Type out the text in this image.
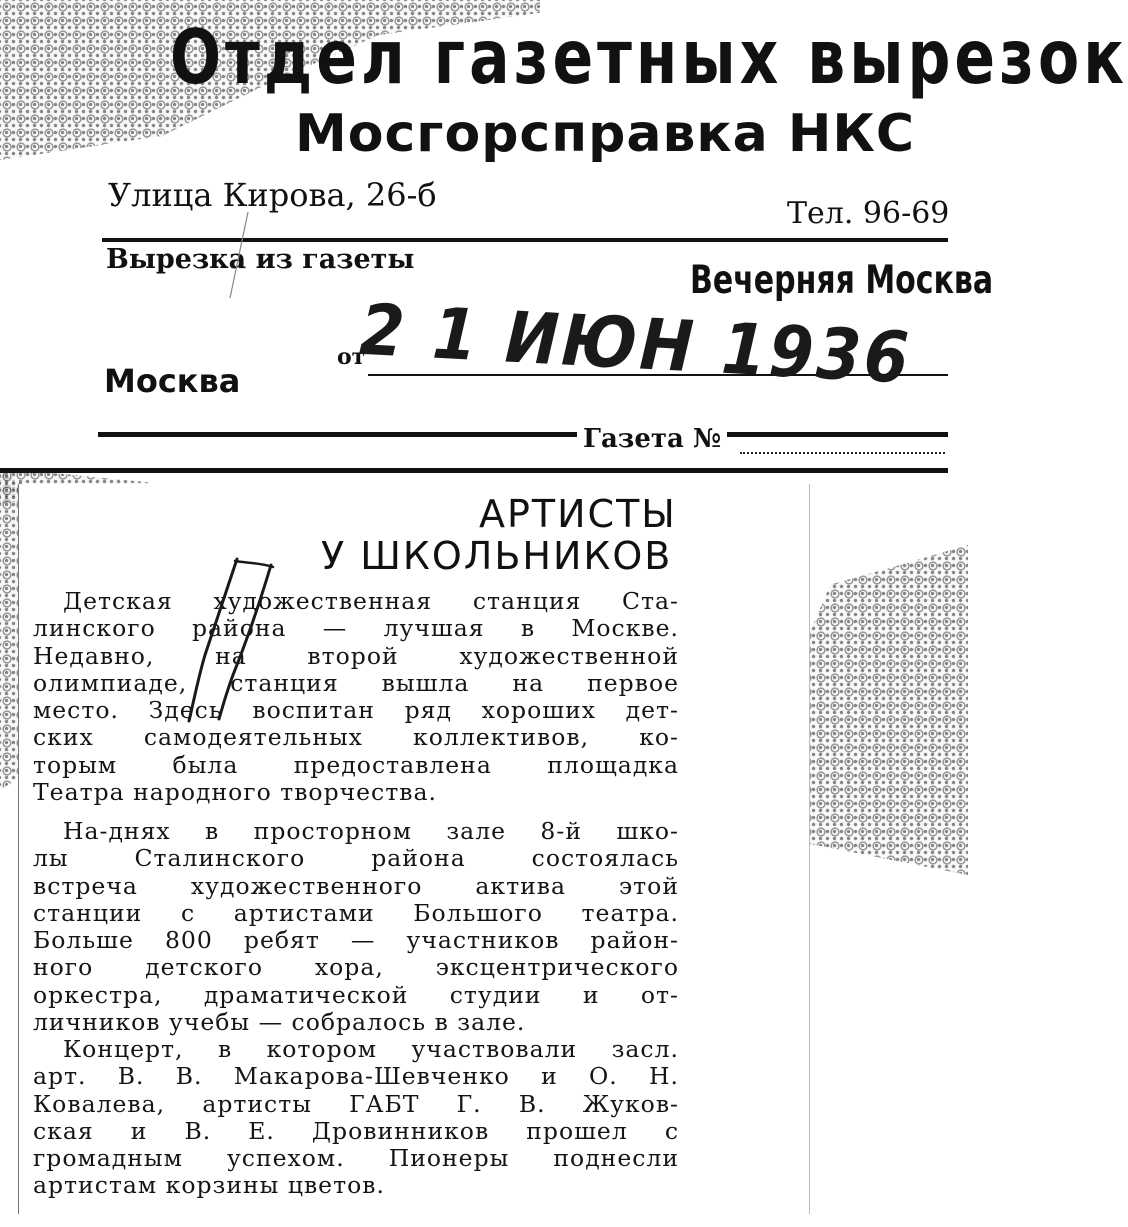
Отдел газетных вырезок
Мосгорсправка НКС
Улица Кирова, 26-б	Тел. 96-69
Вырезка из газеты	Вечерняя Москва
Москва
от
2 1 ИЮН 1936
Газета №
АРТИСТЫ
У ШКОЛЬНИКОВ

Детская художественная станция Ста-
линского района — лучшая в Москве.
Недавно, на второй художественной
олимпиаде, станция вышла на первое
место. Здесь воспитан ряд хороших дет-
ских самодеятельных коллективов, ко-
торым была предоставлена площадка
Театра народного творчества.

На-днях в просторном зале 8-й шко-
лы Сталинского района состоялась
встреча художественного актива этой
станции с артистами Большого театра.
Больше 800 ребят — участников район-
ного детского хора, эксцентрического
оркестра, драматической студии и от-
личников учебы — собралось в зале.

Концерт, в котором участвовали засл.
арт. В. В. Макарова-Шевченко и О. Н.
Ковалева, артисты ГАБТ Г. В. Жуков-
ская и В. Е. Дровинников прошел с
громадным успехом. Пионеры поднесли
артистам корзины цветов.
